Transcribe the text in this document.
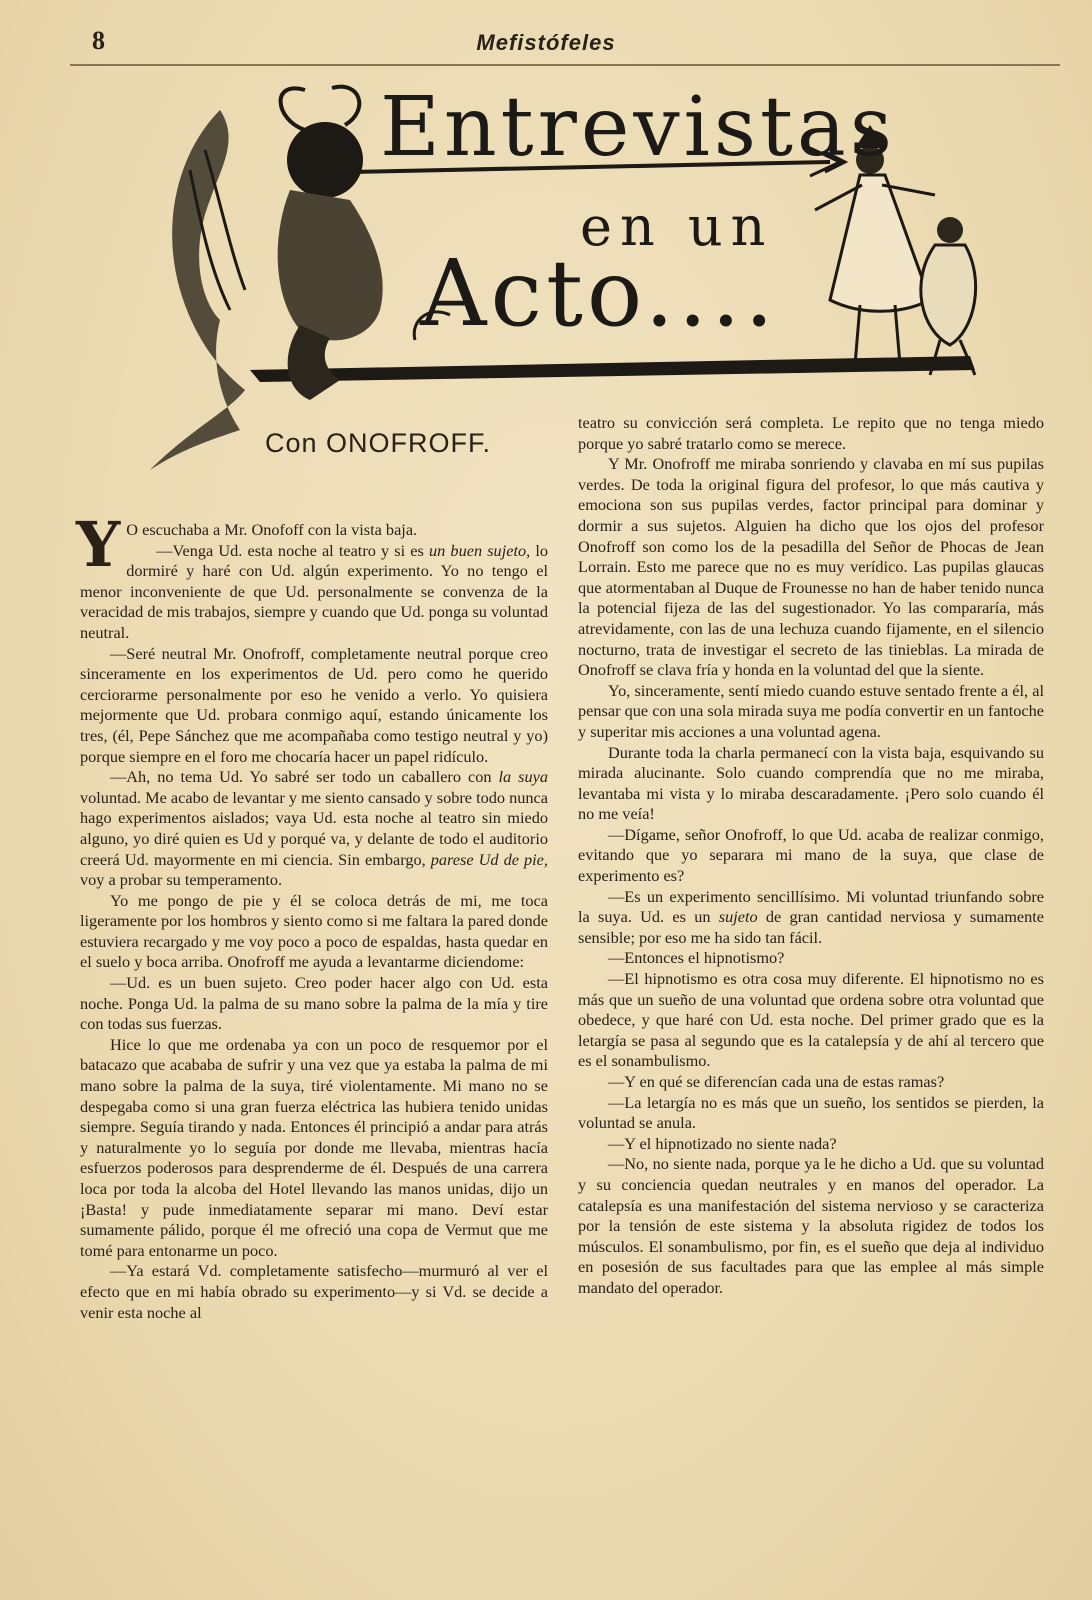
8	Mefistófeles
Entrevistas
en un
Acto....
Con ONOFROFF.

Y O escuchaba a Mr. Onofoff con la vista baja.

—Venga Ud. esta noche al teatro y si es un buen sujeto, lo dormiré y haré con Ud. algún experimento. Yo no tengo el menor inconveniente de que Ud. personalmente se convenza de la veracidad de mis trabajos, siempre y cuando que Ud. ponga su voluntad neutral.

—Seré neutral Mr. Onofroff, completamente neutral porque creo sinceramente en los experimentos de Ud. pero como he querido cerciorarme personalmente por eso he venido a verlo. Yo quisiera mejormente que Ud. probara conmigo aquí, estando únicamente los tres, (él, Pepe Sánchez que me acompañaba como testigo neutral y yo) porque siempre en el foro me chocaría hacer un papel ridículo.

—Ah, no tema Ud. Yo sabré ser todo un caballero con la suya voluntad. Me acabo de levantar y me siento cansado y sobre todo nunca hago experimentos aislados; vaya Ud. esta noche al teatro sin miedo alguno, yo diré quien es Ud y porqué va, y delante de todo el auditorio creerá Ud. mayormente en mi ciencia. Sin embargo, parese Ud de pie, voy a probar su temperamento.

Yo me pongo de pie y él se coloca detrás de mi, me toca ligeramente por los hombros y siento como si me faltara la pared donde estuviera recargado y me voy poco a poco de espaldas, hasta quedar en el suelo y boca arriba. Onofroff me ayuda a levantarme diciendome:

—Ud. es un buen sujeto. Creo poder hacer algo con Ud. esta noche. Ponga Ud. la palma de su mano sobre la palma de la mía y tire con todas sus fuerzas.

Hice lo que me ordenaba ya con un poco de resquemor por el batacazo que acababa de sufrir y una vez que ya estaba la palma de mi mano sobre la palma de la suya, tiré violentamente. Mi mano no se despegaba como si una gran fuerza eléctrica las hubiera tenido unidas siempre. Seguía tirando y nada. Entonces él principió a andar para atrás y naturalmente yo lo seguía por donde me llevaba, mientras hacía esfuerzos poderosos para desprenderme de él. Después de una carrera loca por toda la alcoba del Hotel llevando las manos unidas, dijo un ¡Basta! y pude inmediatamente separar mi mano. Deví estar sumamente pálido, porque él me ofreció una copa de Vermut que me tomé para entonarme un poco.

—Ya estará Vd. completamente satisfecho—murmuró al ver el efecto que en mi había obrado su experimento—y si Vd. se decide a venir esta noche al

teatro su convicción será completa. Le repito que no tenga miedo porque yo sabré tratarlo como se merece.

Y Mr. Onofroff me miraba sonriendo y clavaba en mí sus pupilas verdes. De toda la original figura del profesor, lo que más cautiva y emociona son sus pupilas verdes, factor principal para dominar y dormir a sus sujetos. Alguien ha dicho que los ojos del profesor Onofroff son como los de la pesadilla del Señor de Phocas de Jean Lorrain. Esto me parece que no es muy verídico. Las pupilas glaucas que atormentaban al Duque de Frounesse no han de haber tenido nunca la potencial fijeza de las del sugestionador. Yo las compararía, más atrevidamente, con las de una lechuza cuando fijamente, en el silencio nocturno, trata de investigar el secreto de las tinieblas. La mirada de Onofroff se clava fría y honda en la voluntad del que la siente.

Yo, sinceramente, sentí miedo cuando estuve sentado frente a él, al pensar que con una sola mirada suya me podía convertir en un fantoche y superitar mis acciones a una voluntad agena.

Durante toda la charla permanecí con la vista baja, esquivando su mirada alucinante. Solo cuando comprendía que no me miraba, levantaba mi vista y lo miraba descaradamente. ¡Pero solo cuando él no me veía!

—Dígame, señor Onofroff, lo que Ud. acaba de realizar conmigo, evitando que yo separara mi mano de la suya, que clase de experimento es?

—Es un experimento sencillísimo. Mi voluntad triunfando sobre la suya. Ud. es un sujeto de gran cantidad nerviosa y sumamente sensible; por eso me ha sido tan fácil.

—Entonces el hipnotismo?

—El hipnotismo es otra cosa muy diferente. El hipnotismo no es más que un sueño de una voluntad que ordena sobre otra voluntad que obedece, y que haré con Ud. esta noche. Del primer grado que es la letargía se pasa al segundo que es la catalepsía y de ahí al tercero que es el sonambulismo.

—Y en qué se diferencían cada una de estas ramas?

—La letargía no es más que un sueño, los sentidos se pierden, la voluntad se anula.

—Y el hipnotizado no siente nada?

—No, no siente nada, porque ya le he dicho a Ud. que su voluntad y su conciencia quedan neutrales y en manos del operador. La catalepsía es una manifestación del sistema nervioso y se caracteriza por la tensión de este sistema y la absoluta rigidez de todos los músculos. El sonambulismo, por fin, es el sueño que deja al individuo en posesión de sus facultades para que las emplee al más simple mandato del operador.
